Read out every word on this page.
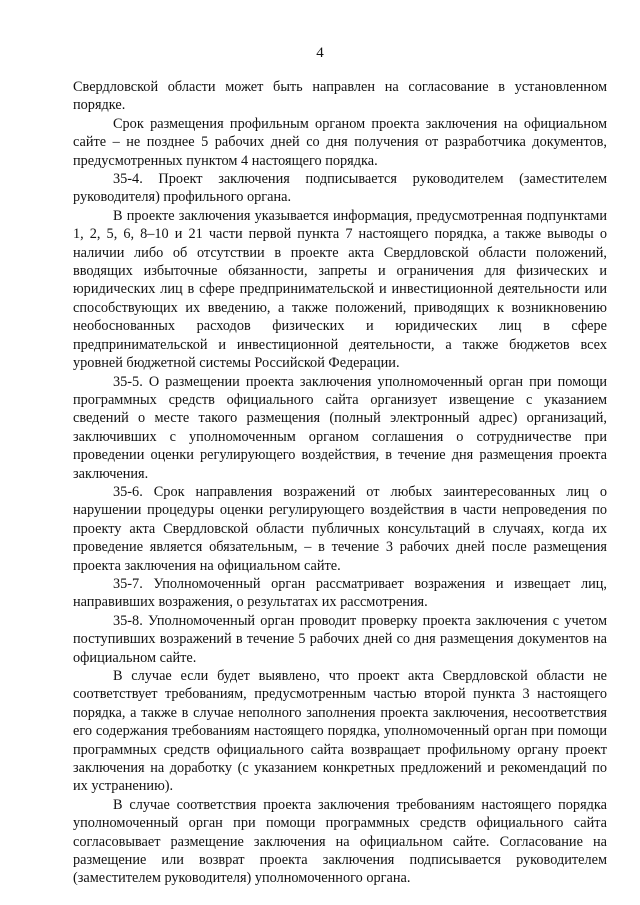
4

Свердловской области может быть направлен на согласование в установленном порядке.

Срок размещения профильным органом проекта заключения на официальном сайте – не позднее 5 рабочих дней со дня получения от разработчика документов, предусмотренных пунктом 4 настоящего порядка.

35-4. Проект заключения подписывается руководителем (заместителем руководителя) профильного органа.

В проекте заключения указывается информация, предусмотренная подпунктами 1, 2, 5, 6, 8–10 и 21 части первой пункта 7 настоящего порядка, а также выводы о наличии либо об отсутствии в проекте акта Свердловской области положений, вводящих избыточные обязанности, запреты и ограничения для физических и юридических лиц в сфере предпринимательской и инвестиционной деятельности или способствующих их введению, а также положений, приводящих к возникновению необоснованных расходов физических и юридических лиц в сфере предпринимательской и инвестиционной деятельности, а также бюджетов всех уровней бюджетной системы Российской Федерации.

35-5. О размещении проекта заключения уполномоченный орган при помощи программных средств официального сайта организует извещение с указанием сведений о месте такого размещения (полный электронный адрес) организаций, заключивших с уполномоченным органом соглашения о сотрудничестве при проведении оценки регулирующего воздействия, в течение дня размещения проекта заключения.

35-6. Срок направления возражений от любых заинтересованных лиц о нарушении процедуры оценки регулирующего воздействия в части непроведения по проекту акта Свердловской области публичных консультаций в случаях, когда их проведение является обязательным, – в течение 3 рабочих дней после размещения проекта заключения на официальном сайте.

35-7. Уполномоченный орган рассматривает возражения и извещает лиц, направивших возражения, о результатах их рассмотрения.

35-8. Уполномоченный орган проводит проверку проекта заключения с учетом поступивших возражений в течение 5 рабочих дней со дня размещения документов на официальном сайте.

В случае если будет выявлено, что проект акта Свердловской области не соответствует требованиям, предусмотренным частью второй пункта 3 настоящего порядка, а также в случае неполного заполнения проекта заключения, несоответствия его содержания требованиям настоящего порядка, уполномоченный орган при помощи программных средств официального сайта возвращает профильному органу проект заключения на доработку (с указанием конкретных предложений и рекомендаций по их устранению).

В случае соответствия проекта заключения требованиям настоящего порядка уполномоченный орган при помощи программных средств официального сайта согласовывает размещение заключения на официальном сайте. Согласование на размещение или возврат проекта заключения подписывается руководителем (заместителем руководителя) уполномоченного органа.
